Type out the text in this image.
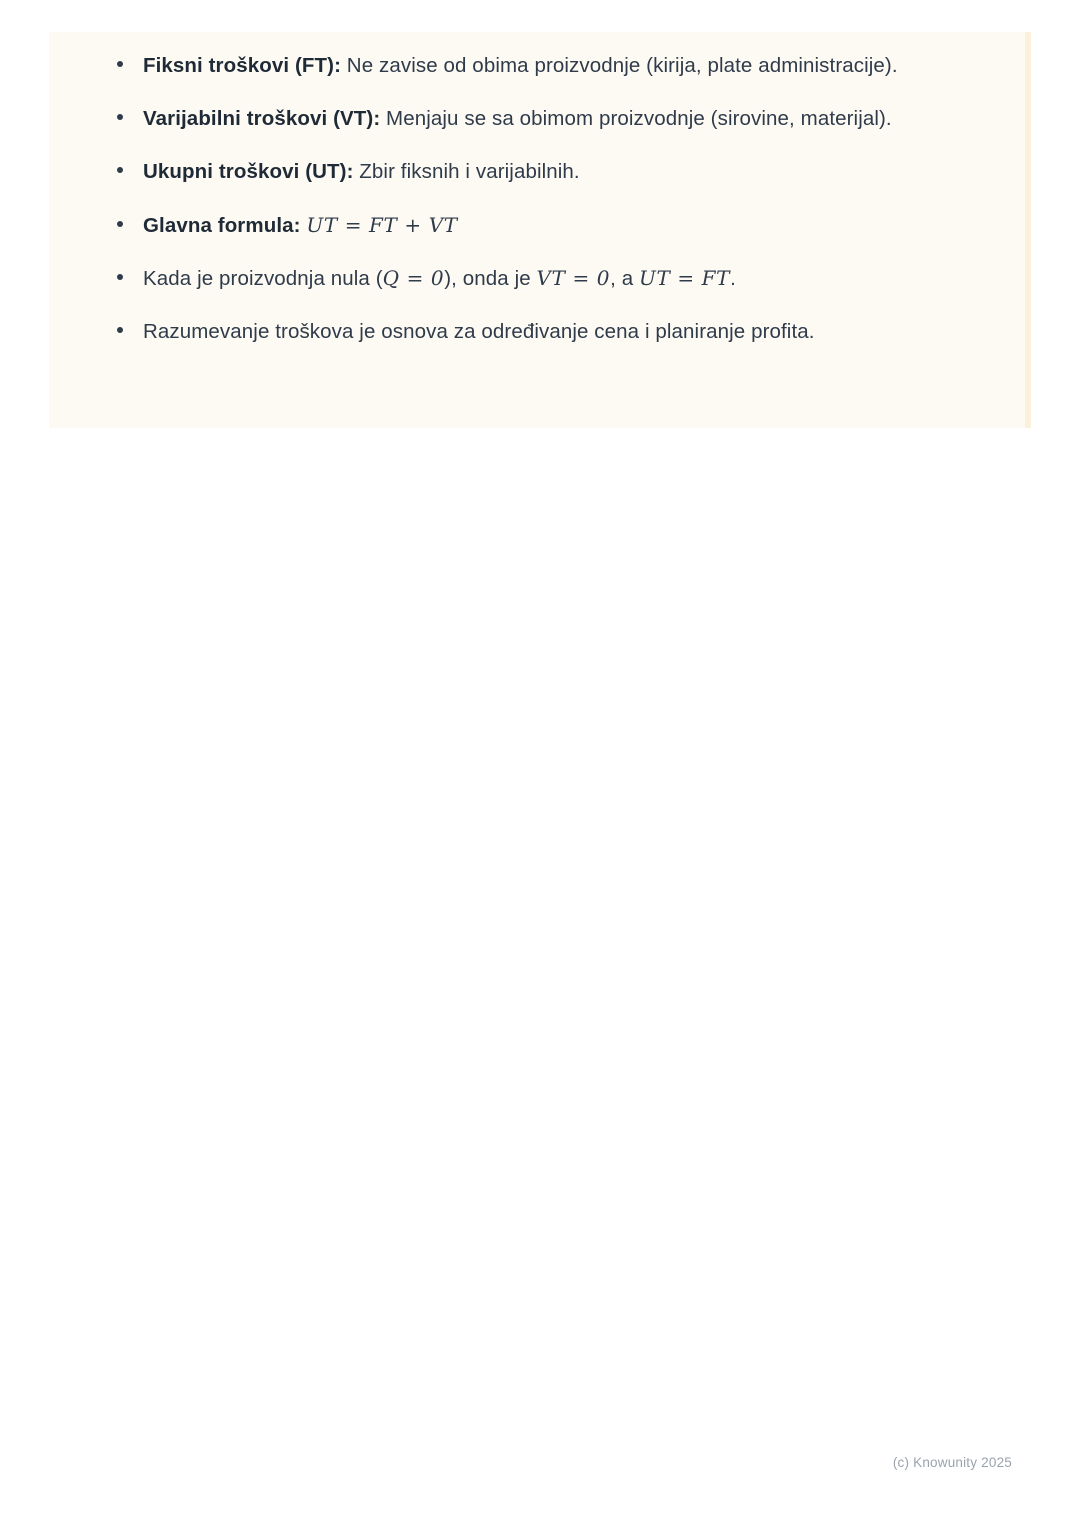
Fiksni troškovi (FT): Ne zavise od obima proizvodnje (kirija, plate administracije).
Varijabilni troškovi (VT): Menjaju se sa obimom proizvodnje (sirovine, materijal).
Ukupni troškovi (UT): Zbir fiksnih i varijabilnih.
Glavna formula: UT = FT + VT
Kada je proizvodnja nula (Q = 0), onda je VT = 0, a UT = FT.
Razumevanje troškova je osnova za određivanje cena i planiranje profita.
(c) Knowunity 2025
